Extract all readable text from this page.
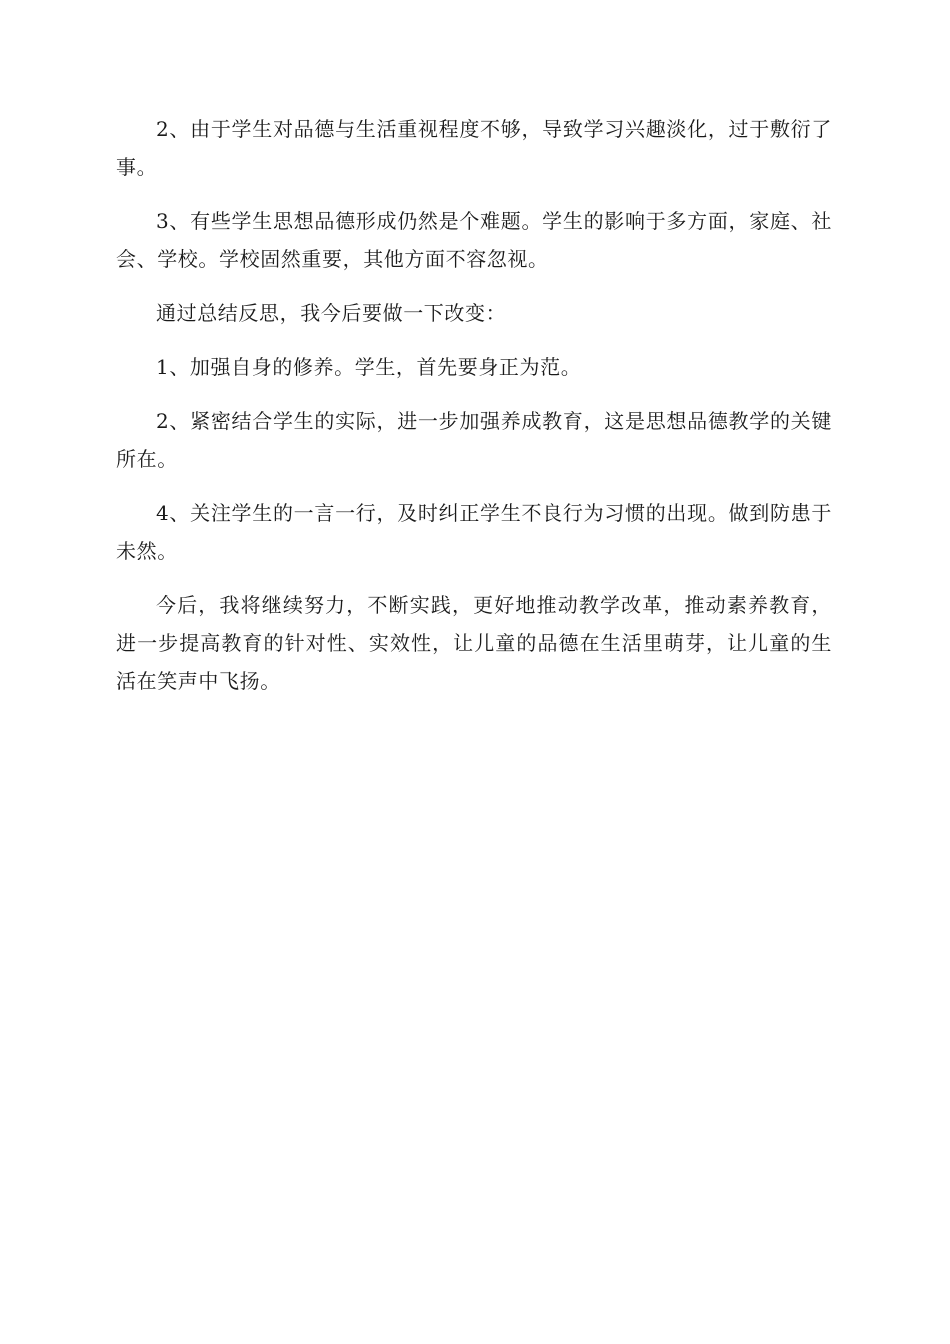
2、由于学生对品德与生活重视程度不够，导致学习兴趣淡化，过于敷衍了事。

3、有些学生思想品德形成仍然是个难题。学生的影响于多方面，家庭、社会、学校。学校固然重要，其他方面不容忽视。

通过总结反思，我今后要做一下改变：

1、加强自身的修养。学生，首先要身正为范。

2、紧密结合学生的实际，进一步加强养成教育，这是思想品德教学的关键所在。

4、关注学生的一言一行，及时纠正学生不良行为习惯的出现。做到防患于未然。

今后，我将继续努力，不断实践，更好地推动教学改革，推动素养教育，进一步提高教育的针对性、实效性，让儿童的品德在生活里萌芽，让儿童的生活在笑声中飞扬。
